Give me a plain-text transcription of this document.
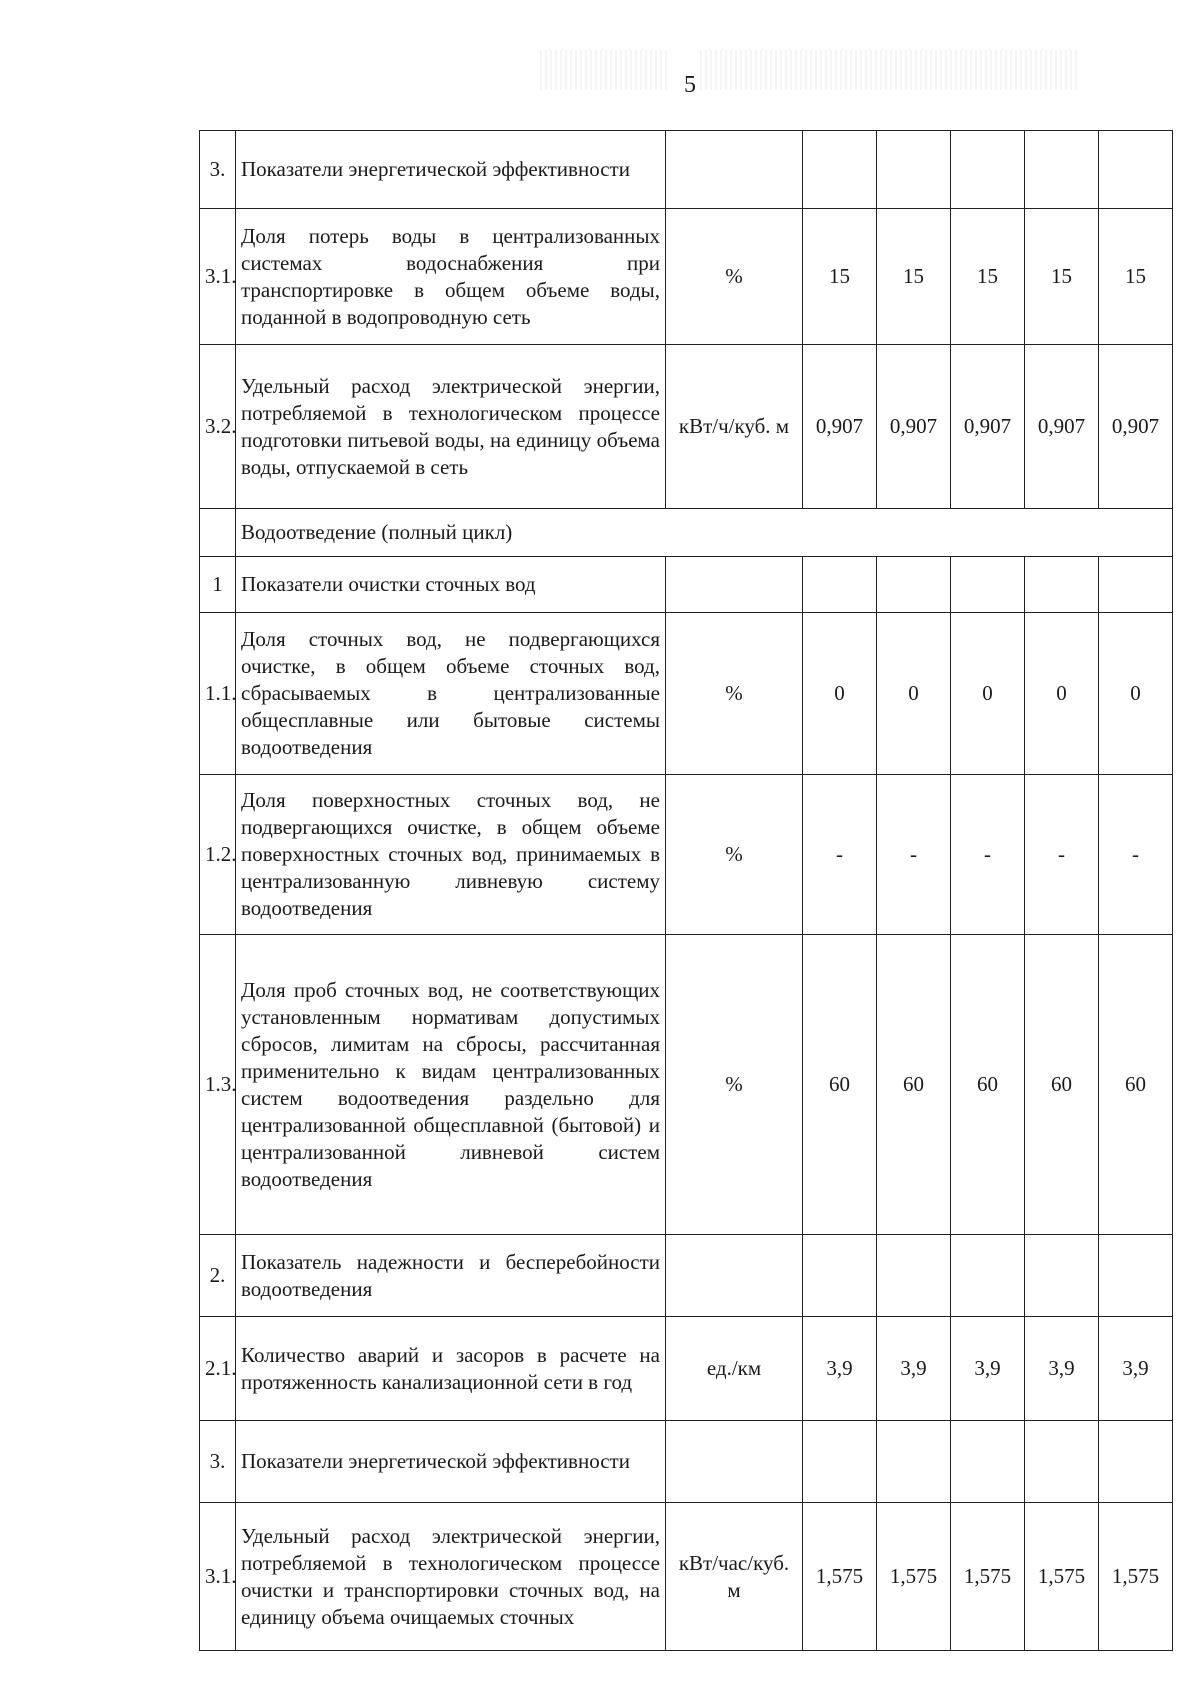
5
3.	Показатели энергетической эффективности						
3.1.	Доля потерь воды в централизованных системах водоснабжения при транспортировке в общем объеме воды, поданной в водопроводную сеть	%	15	15	15	15	15
3.2.	Удельный расход электрической энергии, потребляемой в технологическом процессе подготовки питьевой воды, на единицу объема воды, отпускаемой в сеть	кВт/ч/куб. м	0,907	0,907	0,907	0,907	0,907
	Водоотведение (полный цикл)						
1	Показатели очистки сточных вод						
1.1.	Доля сточных вод, не подвергающихся очистке, в общем объеме сточных вод, сбрасываемых в централизованные общесплавные или бытовые системы водоотведения	%	0	0	0	0	0
1.2.	Доля поверхностных сточных вод, не подвергающихся очистке, в общем объеме поверхностных сточных вод, принимаемых в централизованную ливневую систему водоотведения	%	-	-	-	-	-
1.3.	Доля проб сточных вод, не соответствующих установленным нормативам допустимых сбросов, лимитам на сбросы, рассчитанная применительно к видам централизованных систем водоотведения раздельно для централизованной общесплавной (бытовой) и централизованной ливневой систем водоотведения	%	60	60	60	60	60
2.	Показатель надежности и бесперебойности водоотведения						
2.1.	Количество аварий и засоров в расчете на протяженность канализационной сети в год	ед./км	3,9	3,9	3,9	3,9	3,9
3.	Показатели энергетической эффективности						
3.1.	Удельный расход электрической энергии, потребляемой в технологическом процессе очистки и транспортировки сточных вод, на единицу объема очищаемых сточных	кВт/час/куб. м	1,575	1,575	1,575	1,575	1,575
